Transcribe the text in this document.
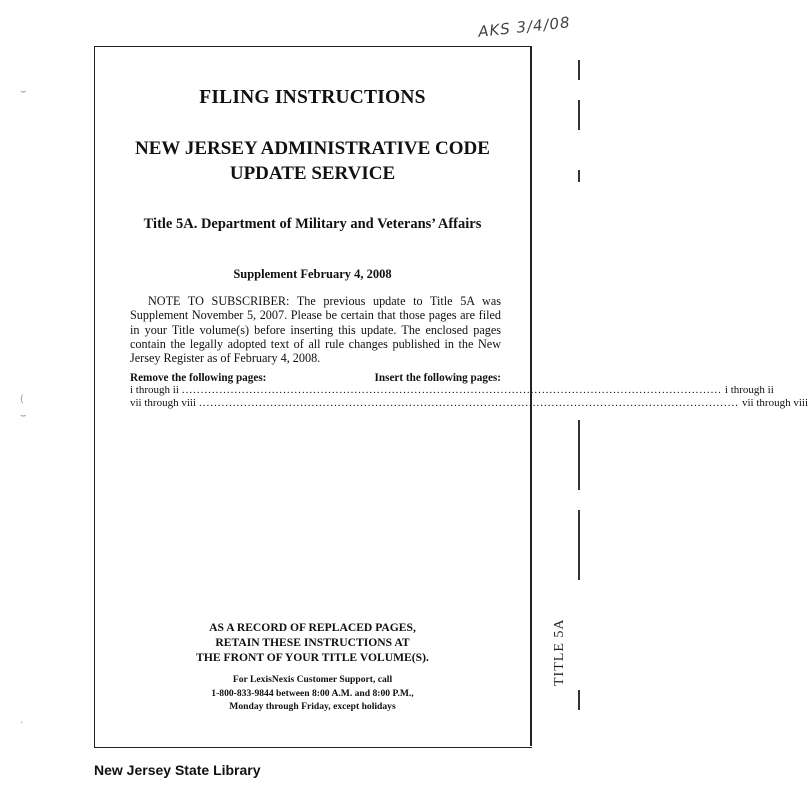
AKS 3/4/08
⌣
(
⌣
·
FILING INSTRUCTIONS
NEW JERSEY ADMINISTRATIVE CODE
UPDATE SERVICE
Title 5A. Department of Military and Veterans’ Affairs
Supplement February 4, 2008
NOTE TO SUBSCRIBER: The previous update to Title 5A was Supplement November 5, 2007. Please be certain that those pages are filed in your Title volume(s) before inserting this update. The enclosed pages contain the legally adopted text of all rule changes published in the New Jersey Register as of February 4, 2008.
Remove the following pages:	Insert the following pages:
i through ii ................................................................................................................................................ i through ii
vii through viii ................................................................................................................................................ vii through viii
AS A RECORD OF REPLACED PAGES,
RETAIN THESE INSTRUCTIONS AT
THE FRONT OF YOUR TITLE VOLUME(S).
For LexisNexis Customer Support, call
1-800-833-9844 between 8:00 A.M. and 8:00 P.M.,
Monday through Friday, except holidays
TITLE 5A
New Jersey State Library
